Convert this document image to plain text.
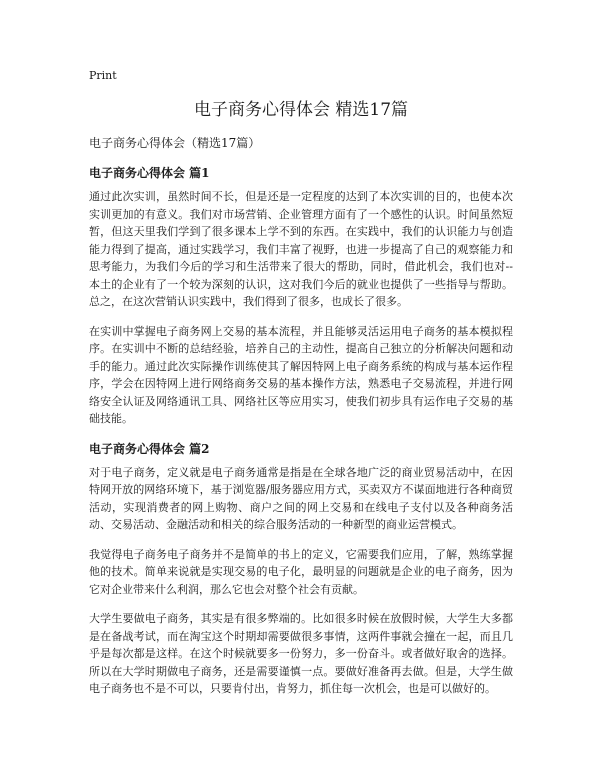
Print
电子商务心得体会 精选17篇
电子商务心得体会（精选17篇）
电子商务心得体会 篇1

通过此次实训，虽然时间不长，但是还是一定程度的达到了本次实训的目的，也使本次实训更加的有意义。我们对市场营销、企业管理方面有了一个感性的认识。时间虽然短暂，但这天里我们学到了很多课本上学不到的东西。在实践中，我们的认识能力与创造能力得到了提高，通过实践学习，我们丰富了视野，也进一步提高了自己的观察能力和思考能力，为我们今后的学习和生活带来了很大的帮助，同时，借此机会，我们也对--本土的企业有了一个较为深刻的认识，这对我们今后的就业也提供了一些指导与帮助。总之，在这次营销认识实践中，我们得到了很多，也成长了很多。

在实训中掌握电子商务网上交易的基本流程，并且能够灵活运用电子商务的基本模拟程序。在实训中不断的总结经验，培养自己的主动性，提高自己独立的分析解决问题和动手的能力。通过此次实际操作训练使其了解因特网上电子商务系统的构成与基本运作程序，学会在因特网上进行网络商务交易的基本操作方法，熟悉电子交易流程，并进行网络安全认证及网络通讯工具、网络社区等应用实习，使我们初步具有运作电子交易的基础技能。

电子商务心得体会 篇2

对于电子商务，定义就是电子商务通常是指是在全球各地广泛的商业贸易活动中，在因特网开放的网络环境下，基于浏览器/服务器应用方式，买卖双方不谋面地进行各种商贸活动，实现消费者的网上购物、商户之间的网上交易和在线电子支付以及各种商务活动、交易活动、金融活动和相关的综合服务活动的一种新型的商业运营模式。

我觉得电子商务电子商务并不是简单的书上的定义，它需要我们应用，了解，熟练掌握他的技术。简单来说就是实现交易的电子化，最明显的问题就是企业的电子商务，因为它对企业带来什么利润，那么它也会对整个社会有贡献。

大学生要做电子商务，其实是有很多弊端的。比如很多时候在放假时候，大学生大多都是在备战考试，而在淘宝这个时期却需要做很多事情，这两件事就会撞在一起，而且几乎是每次都是这样。在这个时候就要多一份努力，多一份奋斗。或者做好取舍的选择。所以在大学时期做电子商务，还是需要谨慎一点。要做好准备再去做。但是，大学生做电子商务也不是不可以，只要肯付出，肯努力，抓住每一次机会，也是可以做好的。
